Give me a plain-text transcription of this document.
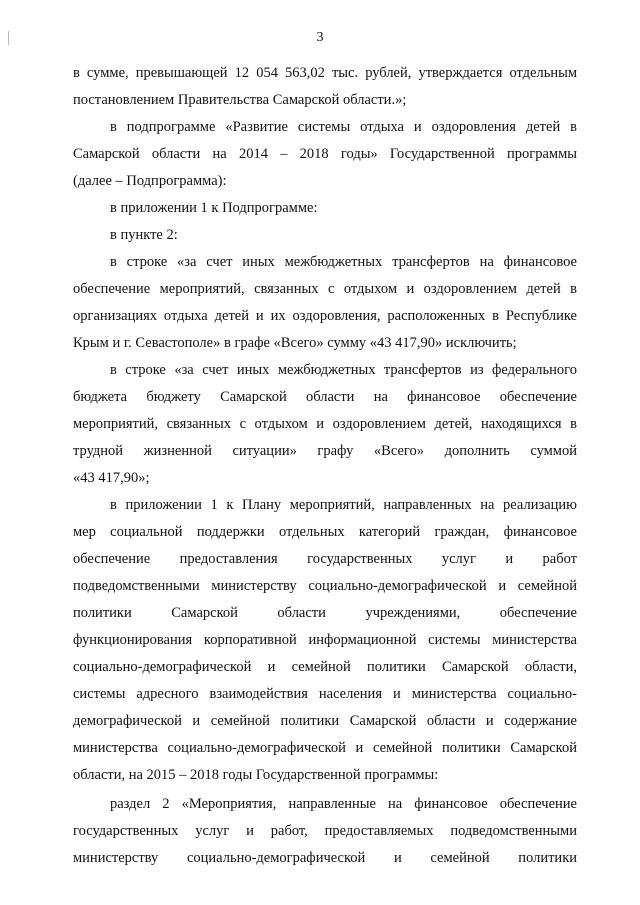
3
в сумме, превышающей 12 054 563,02 тыс. рублей, утверждается отдельным
постановлением Правительства Самарской области.»;
в подпрограмме «Развитие системы отдыха и оздоровления детей в
Самарской области на 2014 – 2018 годы» Государственной программы
(далее – Подпрограмма):
в приложении 1 к Подпрограмме:
в пункте 2:
в строке «за счет иных межбюджетных трансфертов на финансовое
обеспечение мероприятий, связанных с отдыхом и оздоровлением детей в
организациях отдыха детей и их оздоровления, расположенных в Республике
Крым и г. Севастополе» в графе «Всего» сумму «43 417,90» исключить;
в строке «за счет иных межбюджетных трансфертов из федерального
бюджета бюджету Самарской области на финансовое обеспечение
мероприятий, связанных с отдыхом и оздоровлением детей, находящихся в
трудной жизненной ситуации» графу «Всего» дополнить суммой
«43 417,90»;
в приложении 1 к Плану мероприятий, направленных на реализацию
мер социальной поддержки отдельных категорий граждан, финансовое
обеспечение предоставления государственных услуг и работ
подведомственными министерству социально-демографической и семейной
политики Самарской области учреждениями, обеспечение
функционирования корпоративной информационной системы министерства
социально-демографической и семейной политики Самарской области,
системы адресного взаимодействия населения и министерства социально-
демографической и семейной политики Самарской области и содержание
министерства социально-демографической и семейной политики Самарской
области, на 2015 – 2018 годы Государственной программы:
раздел 2 «Мероприятия, направленные на финансовое обеспечение
государственных услуг и работ, предоставляемых подведомственными
министерству социально-демографической и семейной политики
